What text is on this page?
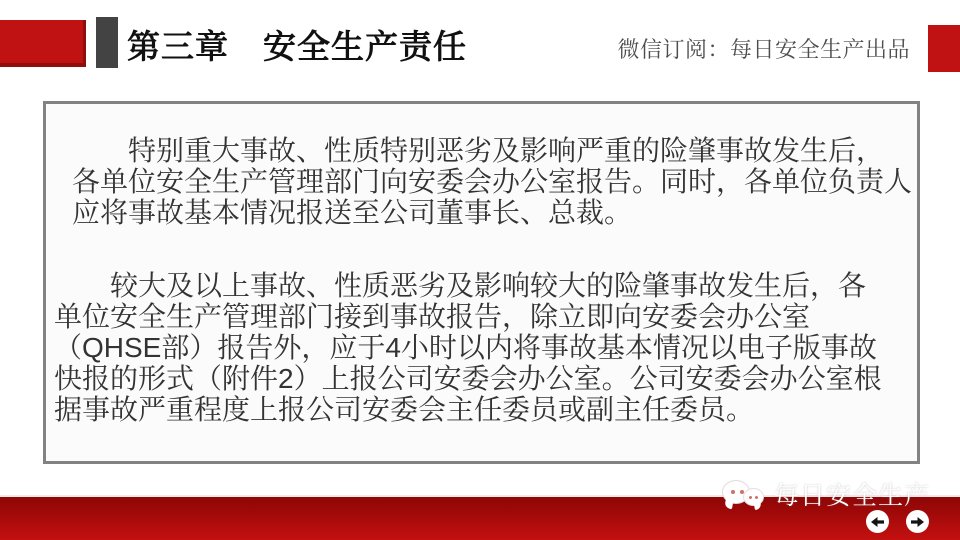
第三章　安全生产责任	微信订阅：每日安全生产出品
　　特别重大事故、性质特别恶劣及影响严重的险肇事故发生后，
各单位安全生产管理部门向安委会办公室报告。同时，各单位负责人
应将事故基本情况报送至公司董事长、总裁。
　　较大及以上事故、性质恶劣及影响较大的险肇事故发生后，各
单位安全生产管理部门接到事故报告，除立即向安委会办公室
（QHSE部）报告外，应于4小时以内将事故基本情况以电子版事故
快报的形式（附件2）上报公司安委会办公室。公司安委会办公室根
据事故严重程度上报公司安委会主任委员或副主任委员。
每日安全生产
